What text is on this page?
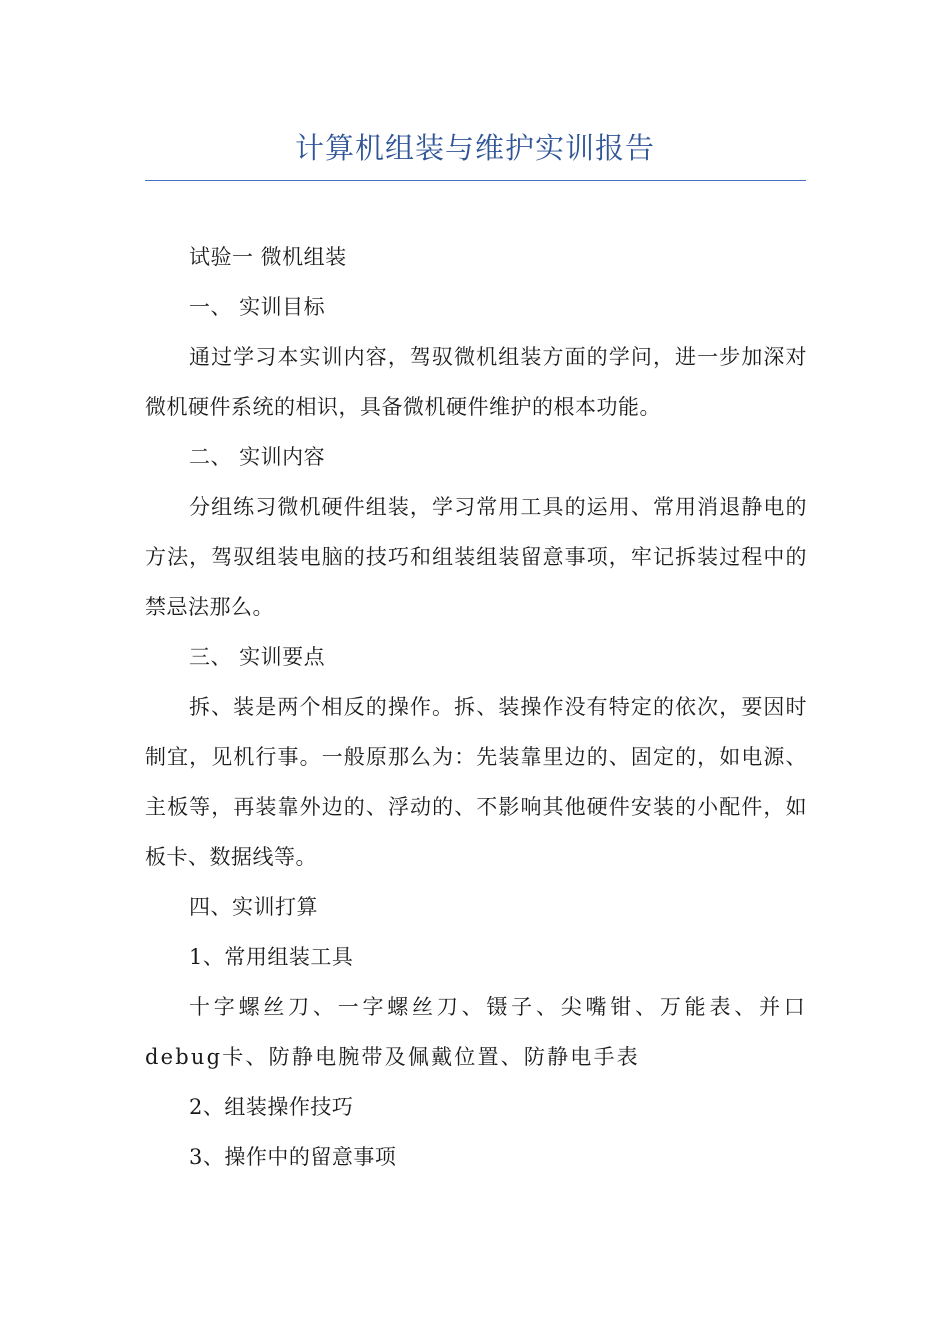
计算机组装与维护实训报告

试验一 微机组装

一、 实训目标

通过学习本实训内容，驾驭微机组装方面的学问，进一步加深对微机硬件系统的相识，具备微机硬件维护的根本功能。

二、 实训内容

分组练习微机硬件组装，学习常用工具的运用、常用消退静电的方法，驾驭组装电脑的技巧和组装组装留意事项，牢记拆装过程中的禁忌法那么。

三、 实训要点

拆、装是两个相反的操作。拆、装操作没有特定的依次，要因时制宜，见机行事。一般原那么为：先装靠里边的、固定的，如电源、主板等，再装靠外边的、浮动的、不影响其他硬件安装的小配件，如板卡、数据线等。

四、实训打算

1、常用组装工具

十字螺丝刀、一字螺丝刀、镊子、尖嘴钳、万能表、并口debug卡、防静电腕带及佩戴位置、防静电手表

2、组装操作技巧

3、操作中的留意事项
